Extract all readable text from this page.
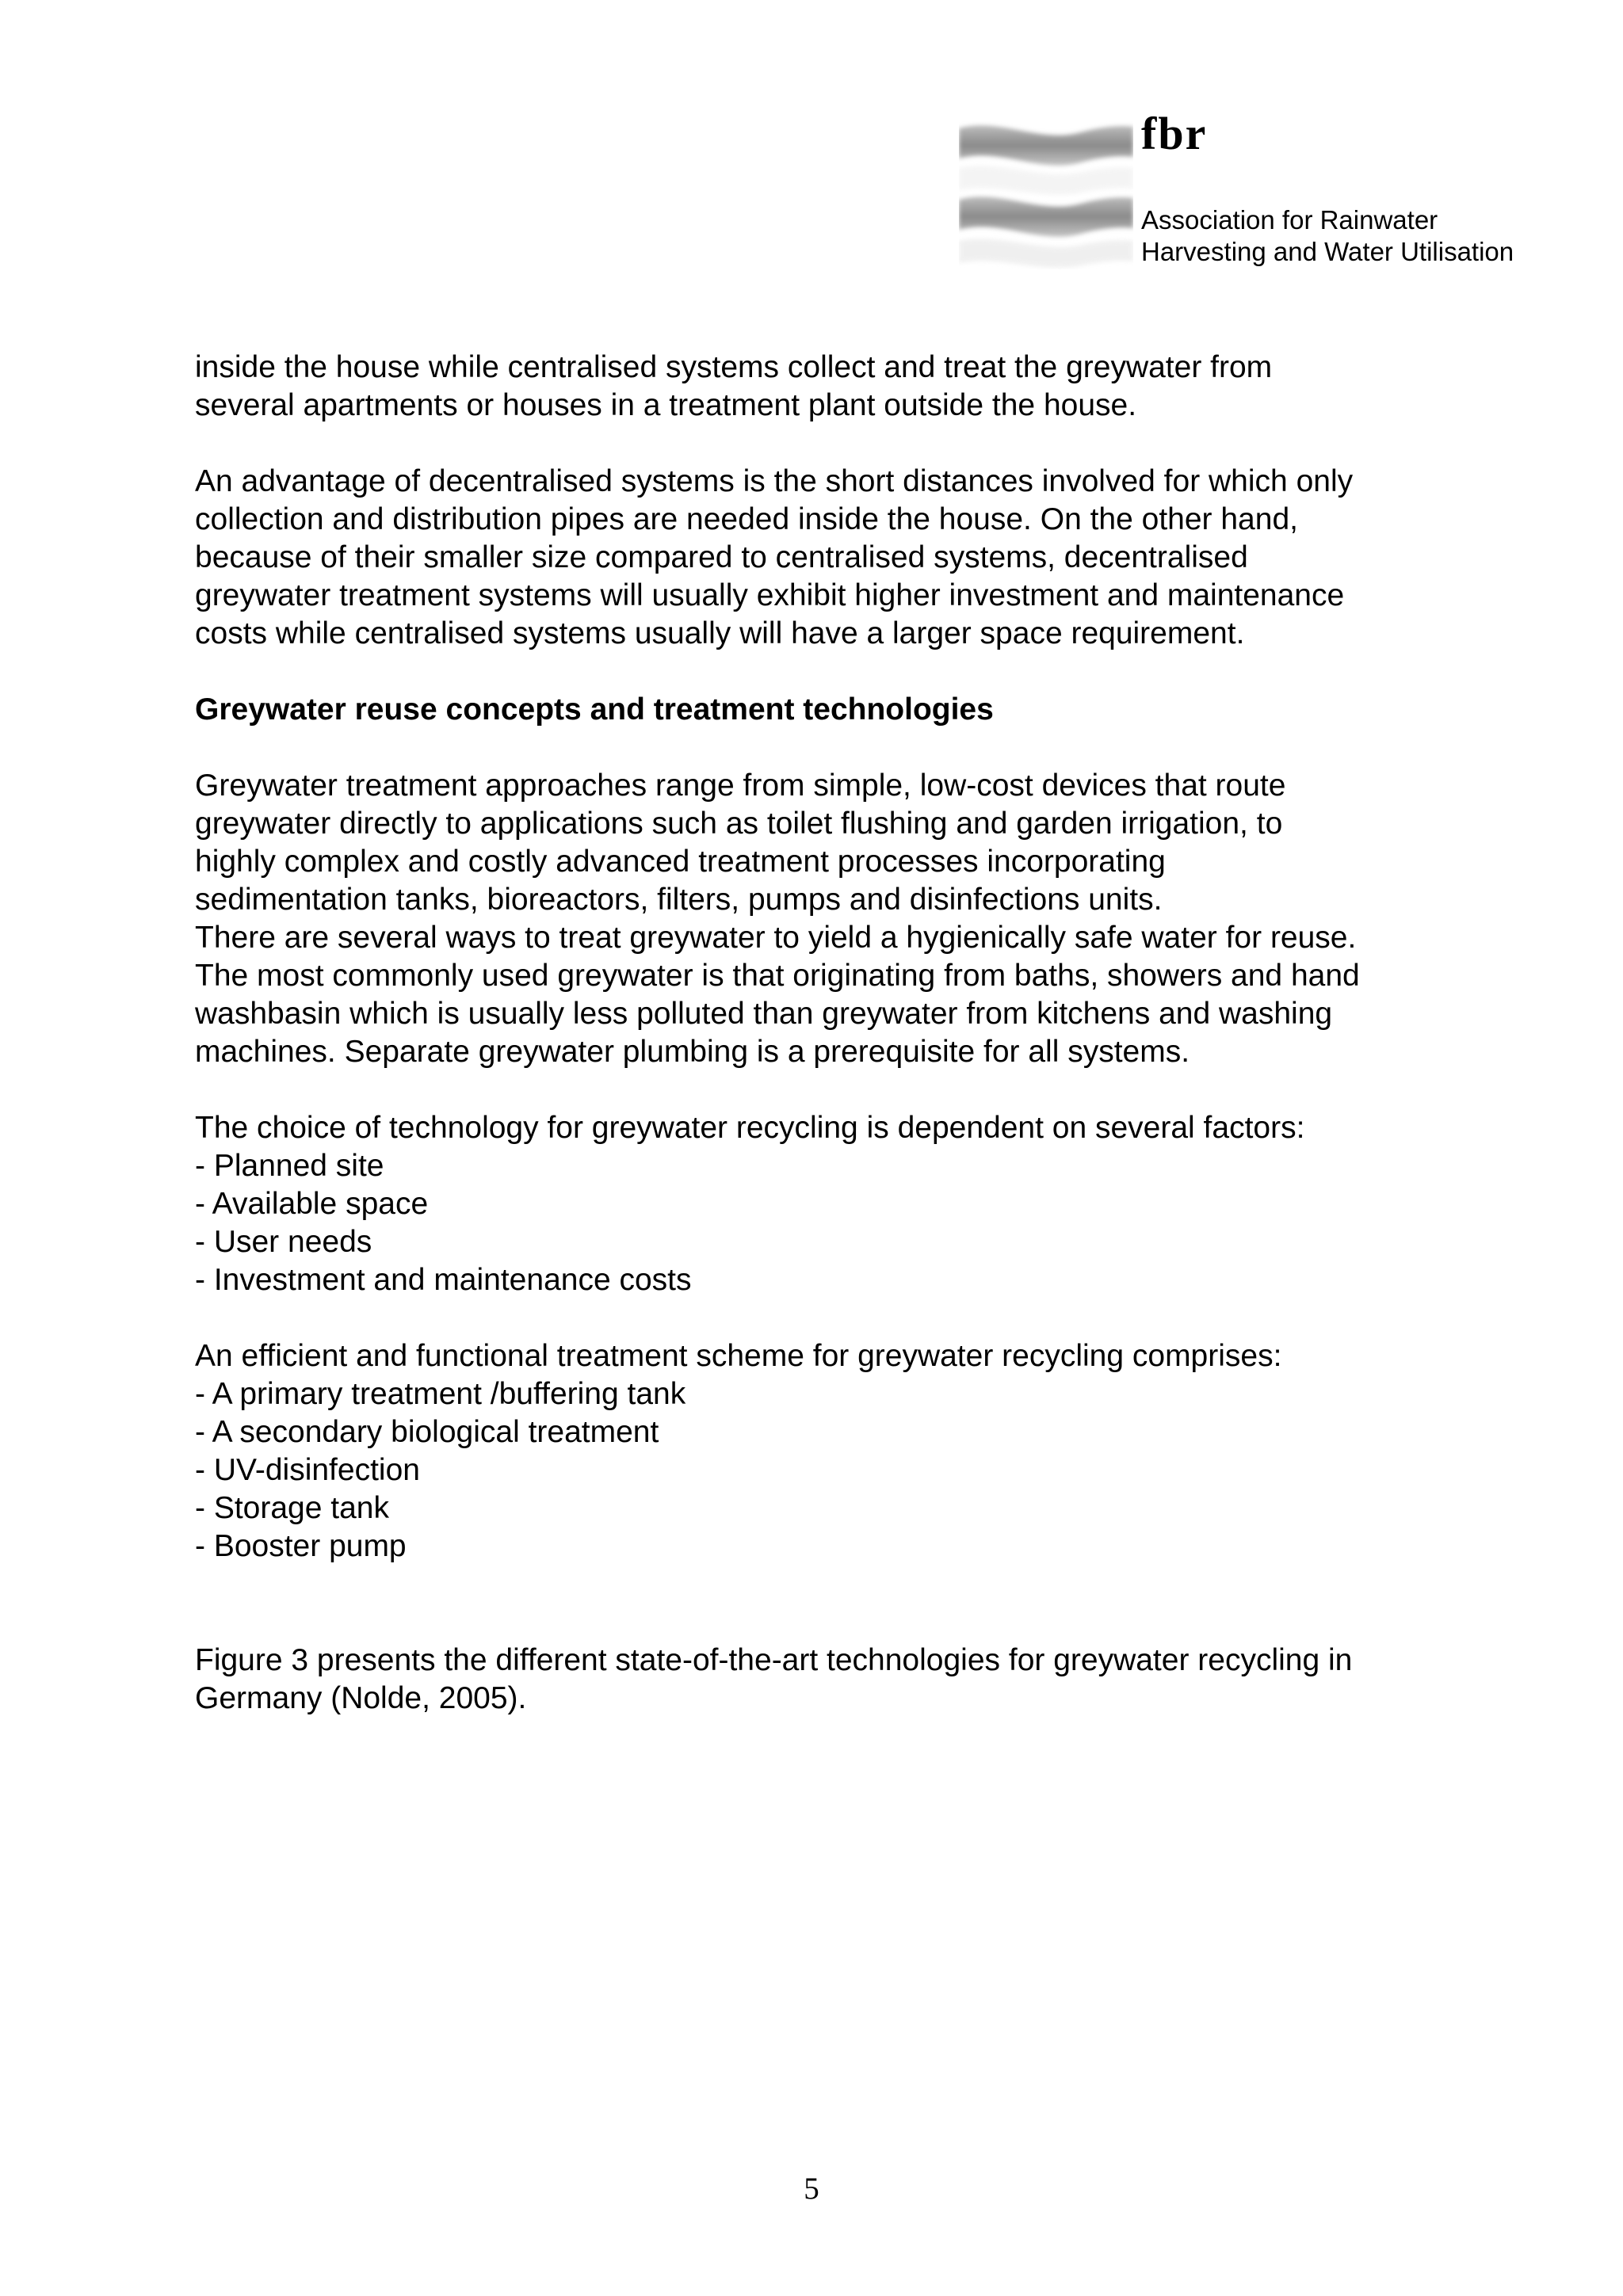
fbr
Association for Rainwater
Harvesting and Water Utilisation

inside the house while centralised systems collect and treat the greywater from
several apartments or houses in a treatment plant outside the house.

An advantage of decentralised systems is the short distances involved for which only
collection and distribution pipes are needed inside the house. On the other hand,
because of their smaller size compared to centralised systems, decentralised
greywater treatment systems will usually exhibit higher investment and maintenance
costs while centralised systems usually will have a larger space requirement.

Greywater reuse concepts and treatment technologies

Greywater treatment approaches range from simple, low-cost devices that route
greywater directly to applications such as toilet flushing and garden irrigation, to
highly complex and costly advanced treatment processes incorporating
sedimentation tanks, bioreactors, filters, pumps and disinfections units.

There are several ways to treat greywater to yield a hygienically safe water for reuse.
The most commonly used greywater is that originating from baths, showers and hand
washbasin which is usually less polluted than greywater from kitchens and washing
machines. Separate greywater plumbing is a prerequisite for all systems.

The choice of technology for greywater recycling is dependent on several factors:

- Planned site
- Available space
- User needs
- Investment and maintenance costs

An efficient and functional treatment scheme for greywater recycling comprises:

- A primary treatment /buffering tank
- A secondary biological treatment
- UV-disinfection
- Storage tank
- Booster pump

Figure 3 presents the different state-of-the-art technologies for greywater recycling in
Germany (Nolde, 2005).

5
